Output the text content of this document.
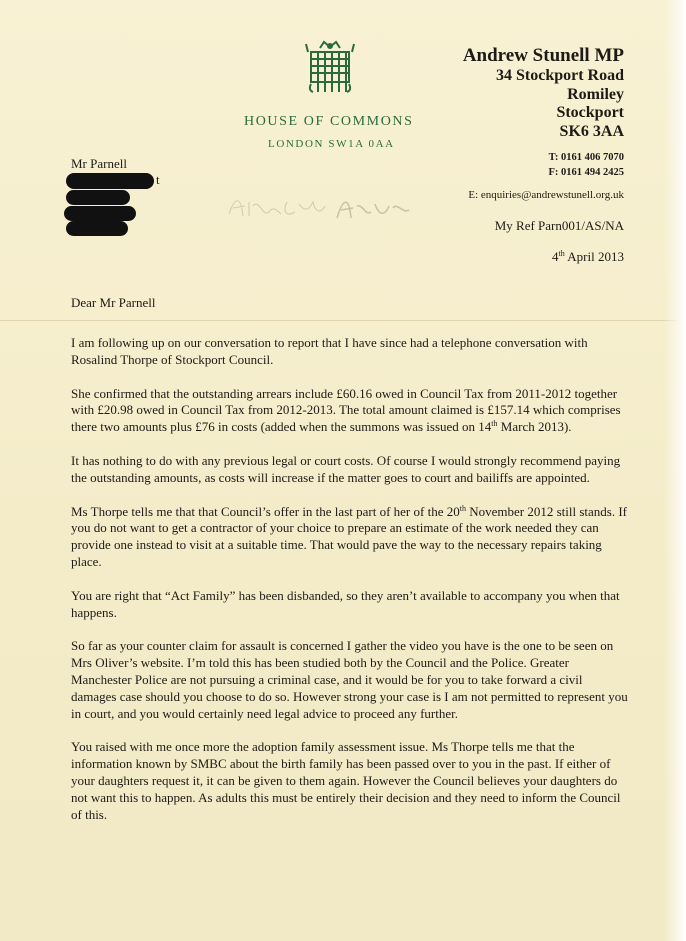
HOUSE OF COMMONS
LONDON SW1A 0AA
Andrew Stunell MP
34 Stockport Road
Romiley
Stockport
SK6 3AA
T: 0161 406 7070
F: 0161 494 2425
E: enquiries@andrewstunell.org.uk
My Ref Parn001/AS/NA
4th April 2013
Mr Parnell
t
Dear Mr Parnell

I am following up on our conversation to report that I have since had a telephone conversation with Rosalind Thorpe of Stockport Council.

She confirmed that the outstanding arrears include £60.16 owed in Council Tax from 2011-2012 together with £20.98 owed in Council Tax from 2012-2013. The total amount claimed is £157.14 which comprises there two amounts plus £76 in costs (added when the summons was issued on 14th March 2013).

It has nothing to do with any previous legal or court costs. Of course I would strongly recommend paying the outstanding amounts, as costs will increase if the matter goes to court and bailiffs are appointed.

Ms Thorpe tells me that that Council’s offer in the last part of her of the 20th November 2012 still stands. If you do not want to get a contractor of your choice to prepare an estimate of the work needed they can provide one instead to visit at a suitable time. That would pave the way to the necessary repairs taking place.

You are right that “Act Family” has been disbanded, so they aren’t available to accompany you when that happens.

So far as your counter claim for assault is concerned I gather the video you have is the one to be seen on Mrs Oliver’s website. I’m told this has been studied both by the Council and the Police. Greater Manchester Police are not pursuing a criminal case, and it would be for you to take forward a civil damages case should you choose to do so. However strong your case is I am not permitted to represent you in court, and you would certainly need legal advice to proceed any further.

You raised with me once more the adoption family assessment issue. Ms Thorpe tells me that the information known by SMBC about the birth family has been passed over to you in the past. If either of your daughters request it, it can be given to them again. However the Council believes your daughters do not want this to happen. As adults this must be entirely their decision and they need to inform the Council of this.
